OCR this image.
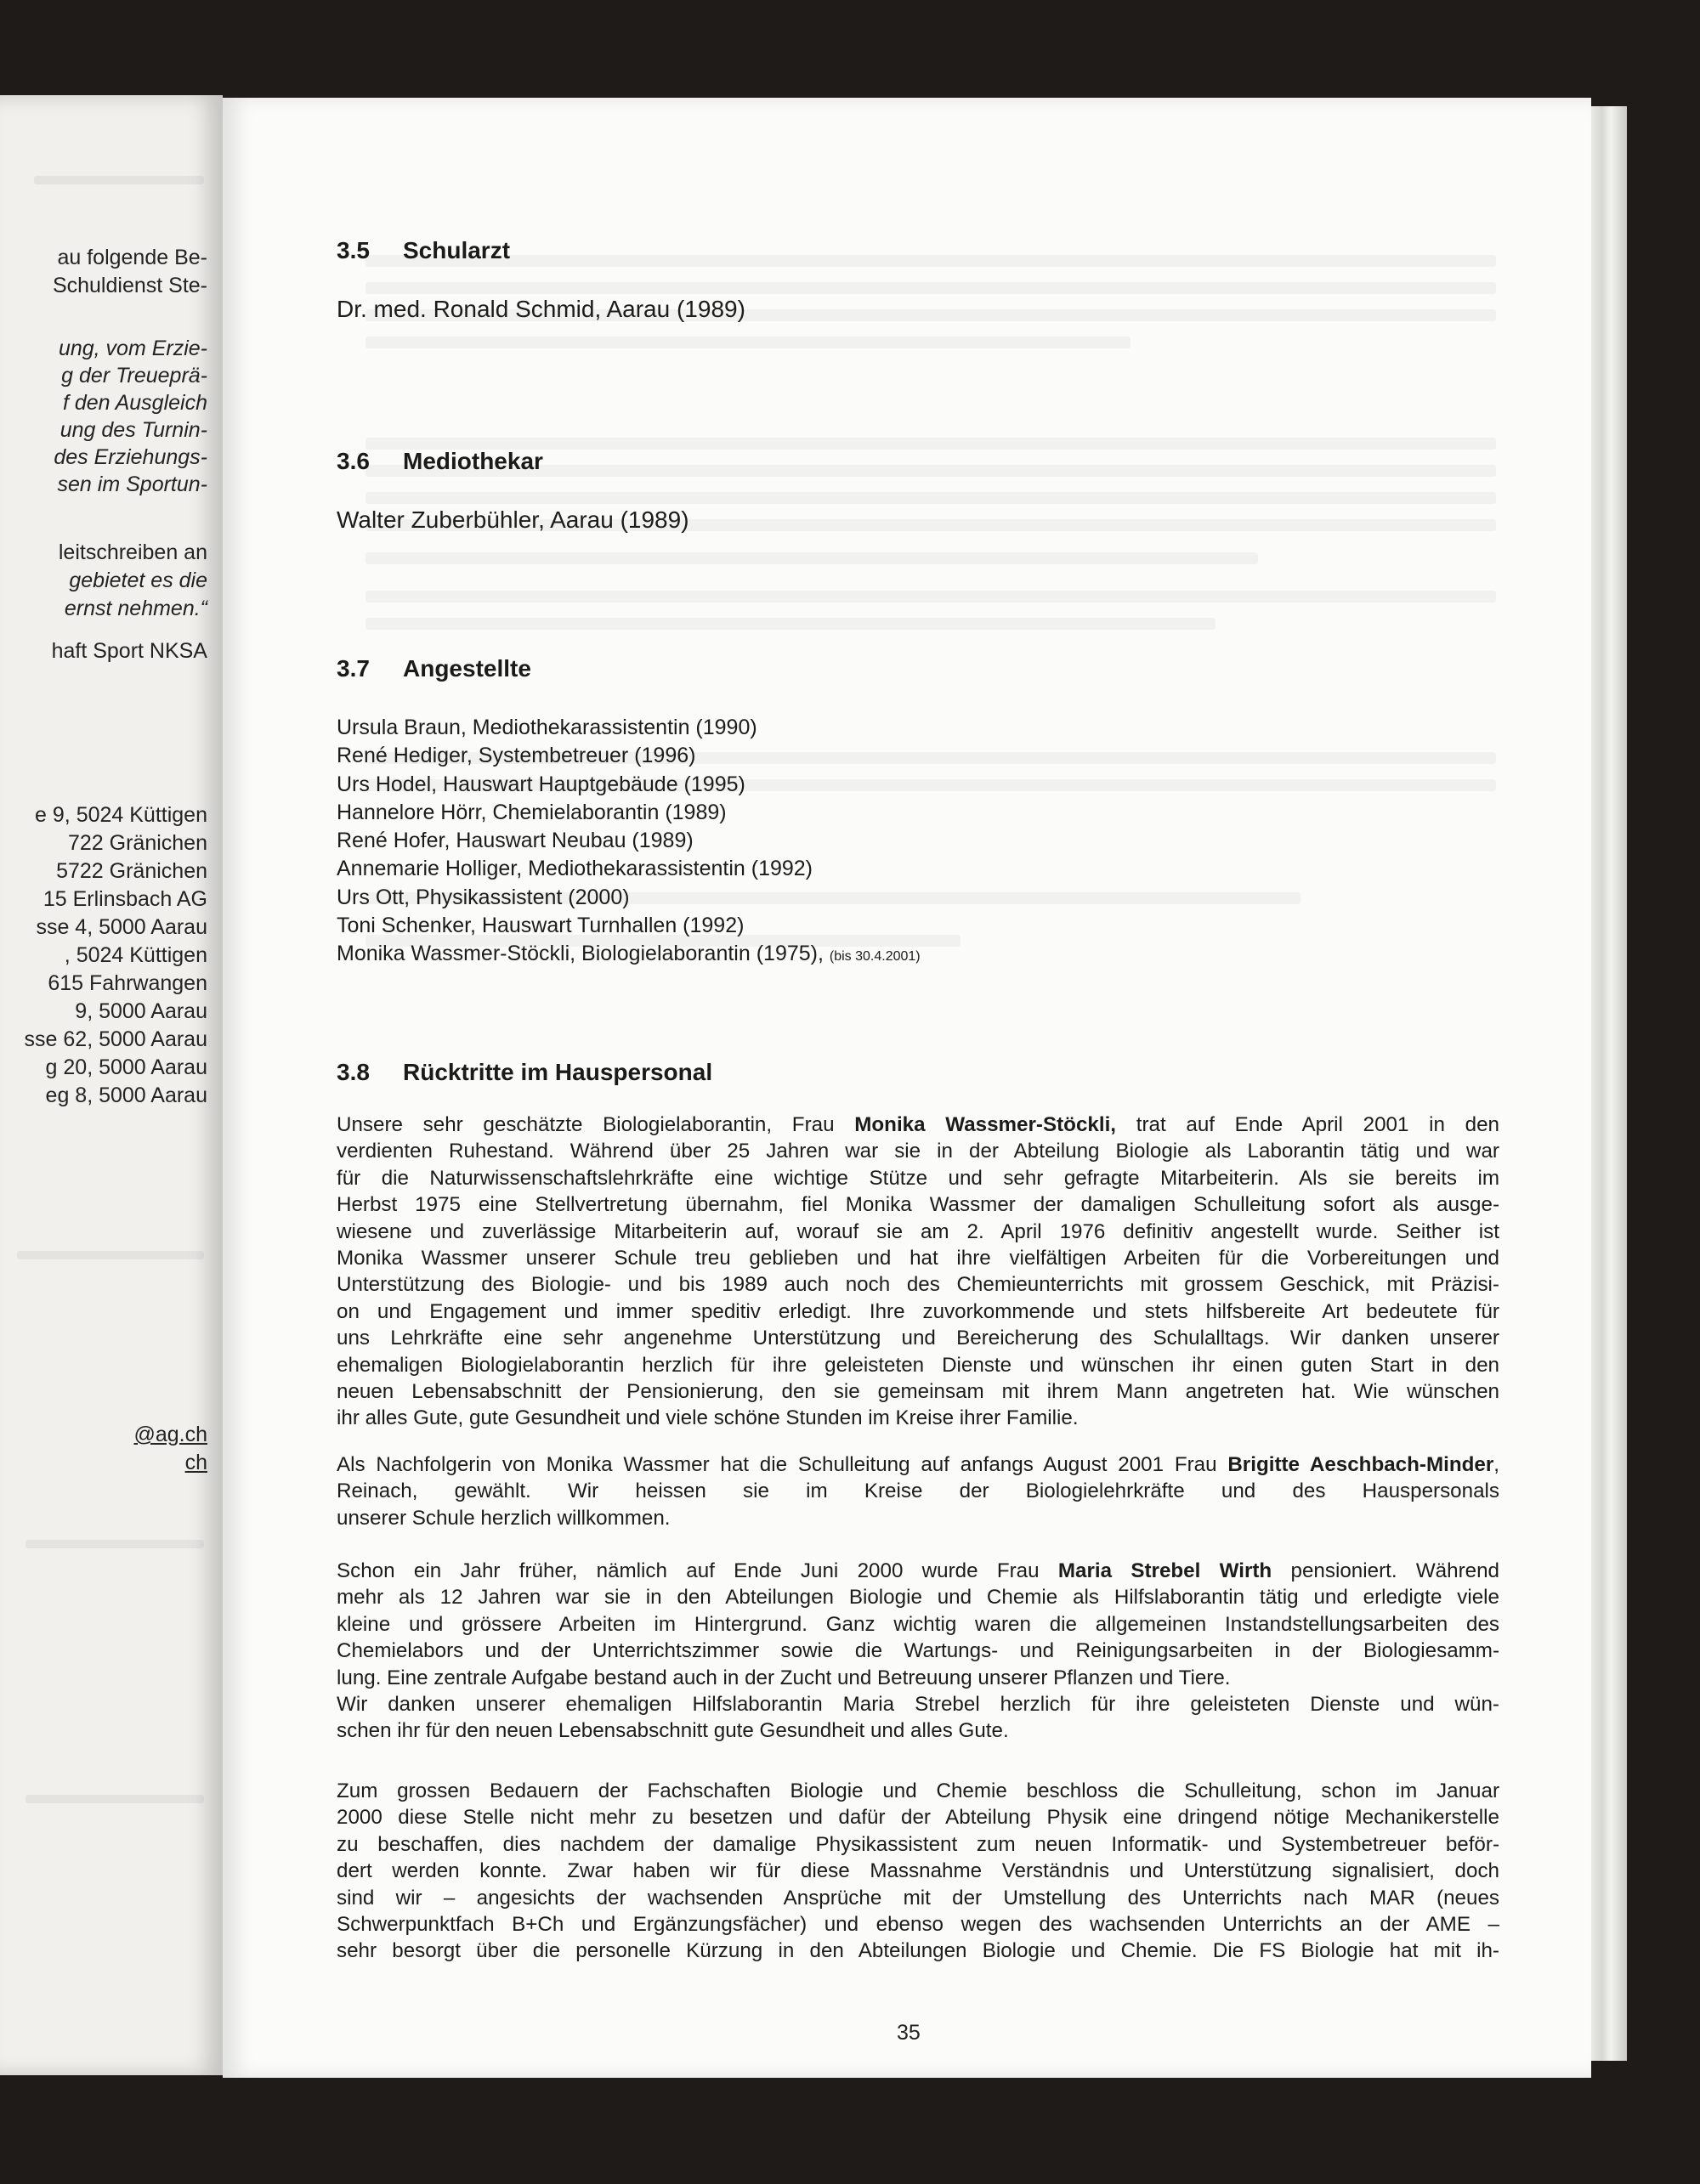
au folgende Be-
Schuldienst Ste-
ung, vom Erzie-
g der Treueprä-
f den Ausgleich
ung des Turnin-
des Erziehungs-
sen im Sportun-
leitschreiben an
gebietet es die
ernst nehmen.“
haft Sport NKSA
e 9, 5024 Küttigen
722 Gränichen
5722 Gränichen
15 Erlinsbach AG
sse 4, 5000 Aarau
, 5024 Küttigen
615 Fahrwangen
9, 5000 Aarau
sse 62, 5000 Aarau
g 20, 5000 Aarau
eg 8, 5000 Aarau
@ag.ch
ch
3.5 Schularzt
Dr. med. Ronald Schmid, Aarau (1989)
3.6 Mediothekar
Walter Zuberbühler, Aarau (1989)
3.7 Angestellte
Ursula Braun, Mediothekarassistentin (1990)
René Hediger, Systembetreuer (1996)
Urs Hodel, Hauswart Hauptgebäude (1995)
Hannelore Hörr, Chemielaborantin (1989)
René Hofer, Hauswart Neubau (1989)
Annemarie Holliger, Mediothekarassistentin (1992)
Urs Ott, Physikassistent (2000)
Toni Schenker, Hauswart Turnhallen (1992)
Monika Wassmer-Stöckli, Biologielaborantin (1975), (bis 30.4.2001)
3.8 Rücktritte im Hauspersonal
Unsere sehr geschätzte Biologielaborantin, Frau Monika Wassmer-Stöckli, trat auf Ende April 2001 in den
verdienten Ruhestand. Während über 25 Jahren war sie in der Abteilung Biologie als Laborantin tätig und war
für die Naturwissenschaftslehrkräfte eine wichtige Stütze und sehr gefragte Mitarbeiterin. Als sie bereits im
Herbst 1975 eine Stellvertretung übernahm, fiel Monika Wassmer der damaligen Schulleitung sofort als ausge-
wiesene und zuverlässige Mitarbeiterin auf, worauf sie am 2. April 1976 definitiv angestellt wurde. Seither ist
Monika Wassmer unserer Schule treu geblieben und hat ihre vielfältigen Arbeiten für die Vorbereitungen und
Unterstützung des Biologie- und bis 1989 auch noch des Chemieunterrichts mit grossem Geschick, mit Präzisi-
on und Engagement und immer speditiv erledigt. Ihre zuvorkommende und stets hilfsbereite Art bedeutete für
uns Lehrkräfte eine sehr angenehme Unterstützung und Bereicherung des Schulalltags. Wir danken unserer
ehemaligen Biologielaborantin herzlich für ihre geleisteten Dienste und wünschen ihr einen guten Start in den
neuen Lebensabschnitt der Pensionierung, den sie gemeinsam mit ihrem Mann angetreten hat. Wie wünschen
ihr alles Gute, gute Gesundheit und viele schöne Stunden im Kreise ihrer Familie.
Als Nachfolgerin von Monika Wassmer hat die Schulleitung auf anfangs August 2001 Frau Brigitte Aeschbach-Minder, Reinach, gewählt. Wir heissen sie im Kreise der Biologielehrkräfte und des Hauspersonals
unserer Schule herzlich willkommen.
Schon ein Jahr früher, nämlich auf Ende Juni 2000 wurde Frau Maria Strebel Wirth pensioniert. Während
mehr als 12 Jahren war sie in den Abteilungen Biologie und Chemie als Hilfslaborantin tätig und erledigte viele
kleine und grössere Arbeiten im Hintergrund. Ganz wichtig waren die allgemeinen Instandstellungsarbeiten des
Chemielabors und der Unterrichtszimmer sowie die Wartungs- und Reinigungsarbeiten in der Biologiesamm-
lung. Eine zentrale Aufgabe bestand auch in der Zucht und Betreuung unserer Pflanzen und Tiere.
Wir danken unserer ehemaligen Hilfslaborantin Maria Strebel herzlich für ihre geleisteten Dienste und wün-
schen ihr für den neuen Lebensabschnitt gute Gesundheit und alles Gute.
Zum grossen Bedauern der Fachschaften Biologie und Chemie beschloss die Schulleitung, schon im Januar
2000 diese Stelle nicht mehr zu besetzen und dafür der Abteilung Physik eine dringend nötige Mechanikerstelle
zu beschaffen, dies nachdem der damalige Physikassistent zum neuen Informatik- und Systembetreuer beför-
dert werden konnte. Zwar haben wir für diese Massnahme Verständnis und Unterstützung signalisiert, doch
sind wir – angesichts der wachsenden Ansprüche mit der Umstellung des Unterrichts nach MAR (neues
Schwerpunktfach B+Ch und Ergänzungsfächer) und ebenso wegen des wachsenden Unterrichts an der AME –
sehr besorgt über die personelle Kürzung in den Abteilungen Biologie und Chemie. Die FS Biologie hat mit ih-
35
